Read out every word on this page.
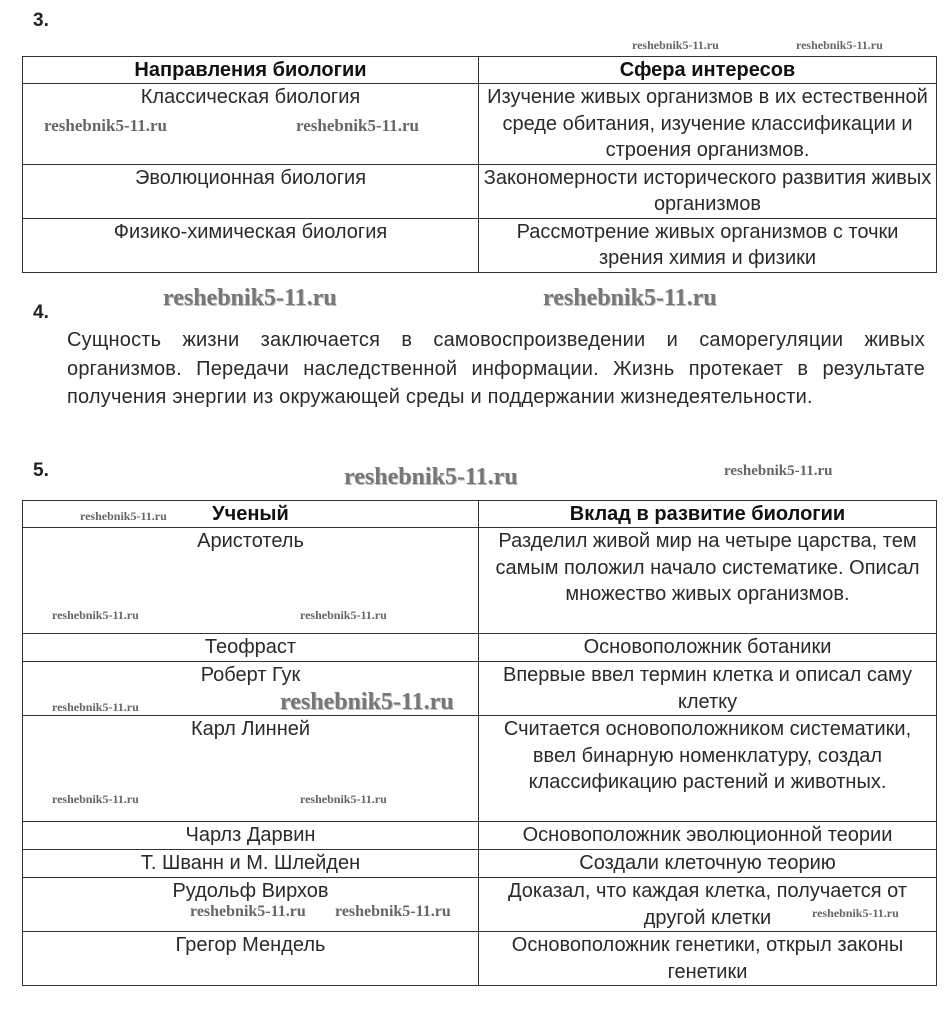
3.
Направления биологии	Сфера интересов
Классическая биология	Изучение живых организмов в их естественной среде обитания, изучение классификации и строения организмов.
Эволюционная биология	Закономерности исторического развития живых организмов
Физико-химическая биология	Рассмотрение живых организмов с точки зрения химия и физики
4.
Сущность жизни заключается в самовоспроизведении и саморегуляции живых организмов. Передачи наследственной информации. Жизнь протекает в результате получения энергии из окружающей среды и поддержании жизнедеятельности.
5.
Ученый	Вклад в развитие биологии
Аристотель	Разделил живой мир на четыре царства, тем самым положил начало систематике. Описал множество живых организмов.
Теофраст	Основоположник ботаники
Роберт Гук	Впервые ввел термин клетка и описал саму клетку
Карл Линней	Считается основоположником систематики, ввел бинарную номенклатуру, создал классификацию растений и животных.
Чарлз Дарвин	Основоположник эволюционной теории
Т. Шванн и М. Шлейден	Создали клеточную теорию
Рудольф Вирхов	Доказал, что каждая клетка, получается от другой клетки
Грегор Мендель	Основоположник генетики, открыл законы генетики
reshebnik5-11.ru	reshebnik5-11.ru
reshebnik5-11.ru	reshebnik5-11.ru
reshebnik5-11.ru	reshebnik5-11.ru
reshebnik5-11.ru	reshebnik5-11.ru
reshebnik5-11.ru
reshebnik5-11.ru	reshebnik5-11.ru
reshebnik5-11.ru	reshebnik5-11.ru
reshebnik5-11.ru
reshebnik5-11.ru
reshebnik5-11.ru reshebnik5-11.ru	reshebnik5-11.ru
